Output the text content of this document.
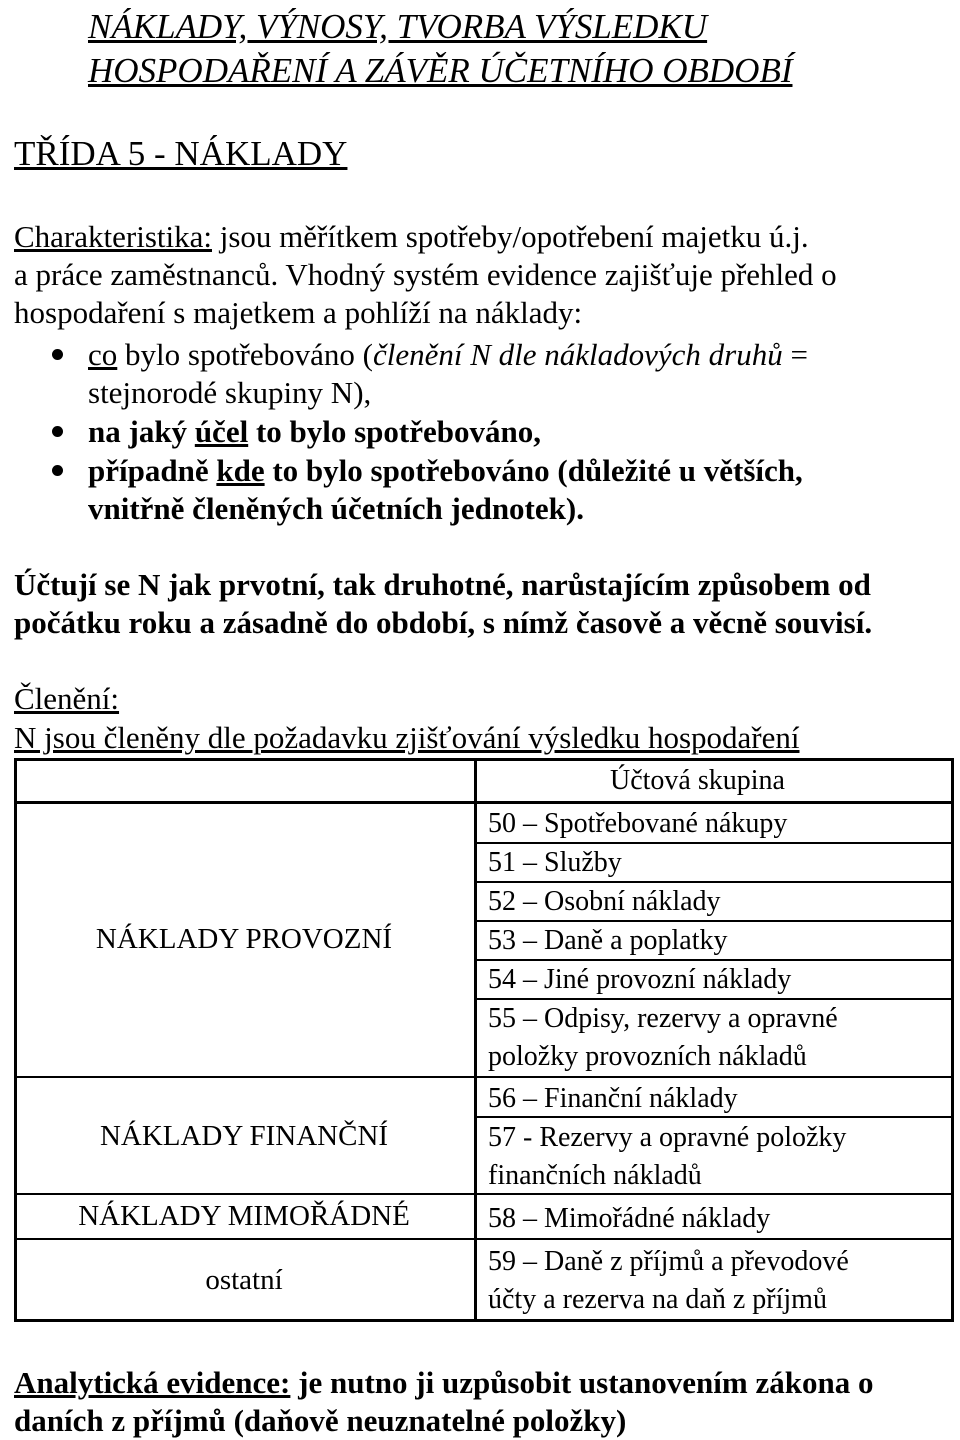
NÁKLADY, VÝNOSY, TVORBA VÝSLEDKU
HOSPODAŘENÍ A ZÁVĚR ÚČETNÍHO OBDOBÍ
TŘÍDA 5 - NÁKLADY
Charakteristika: jsou měřítkem spotřeby/opotřebení majetku ú.j.
a práce zaměstnanců. Vhodný systém evidence zajišťuje přehled o
hospodaření s majetkem a pohlíží na náklady:
co bylo spotřebováno (členění N dle nákladových druhů =
stejnorodé skupiny N),
na jaký účel to bylo spotřebováno,
případně kde to bylo spotřebováno (důležité u větších,
vnitřně členěných účetních jednotek).
Účtují se N jak prvotní, tak druhotné, narůstajícím způsobem od
počátku roku a zásadně do období, s nímž časově a věcně souvisí.
Členění:
N jsou členěny dle požadavku zjišťování výsledku hospodaření
Účtová skupina
NÁKLADY PROVOZNÍ
NÁKLADY FINANČNÍ
NÁKLADY MIMOŘÁDNÉ
ostatní
50 – Spotřebované nákupy
51 – Služby
52 – Osobní náklady
53 – Daně a poplatky
54 – Jiné provozní náklady
55 – Odpisy, rezervy a opravné
položky provozních nákladů
56 – Finanční náklady
57 - Rezervy a opravné položky
finančních nákladů
58 – Mimořádné náklady
59 – Daně z příjmů a převodové
účty a rezerva na daň z příjmů
Analytická evidence: je nutno ji uzpůsobit ustanovením zákona o
daních z příjmů (daňově neuznatelné položky)
